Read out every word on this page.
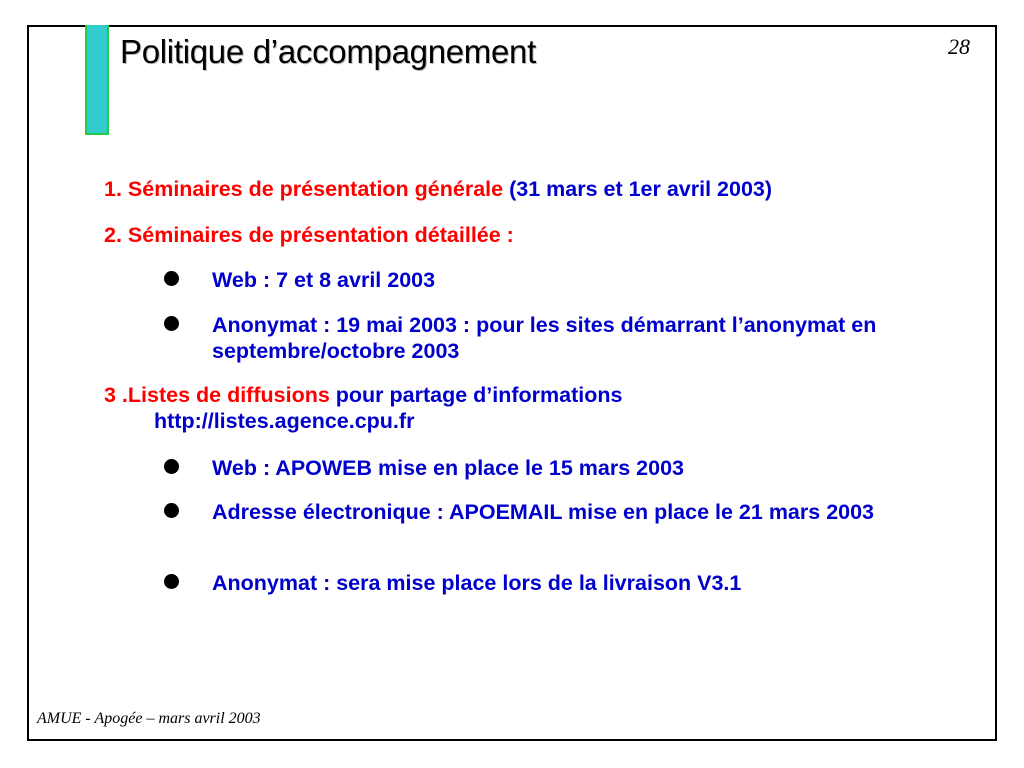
Politique d’accompagnement	28
1. Séminaires de présentation générale (31 mars et 1er avril 2003)
2. Séminaires de présentation détaillée :
Web : 7 et 8 avril 2003
Anonymat : 19 mai 2003 : pour les sites démarrant l’anonymat en septembre/octobre 2003
3 .Listes de diffusions pour partage d’informations
http://listes.agence.cpu.fr
Web : APOWEB mise en place le 15 mars 2003
Adresse électronique : APOEMAIL mise en place le 21 mars 2003
Anonymat : sera mise place lors de la livraison V3.1
AMUE - Apogée – mars avril 2003
